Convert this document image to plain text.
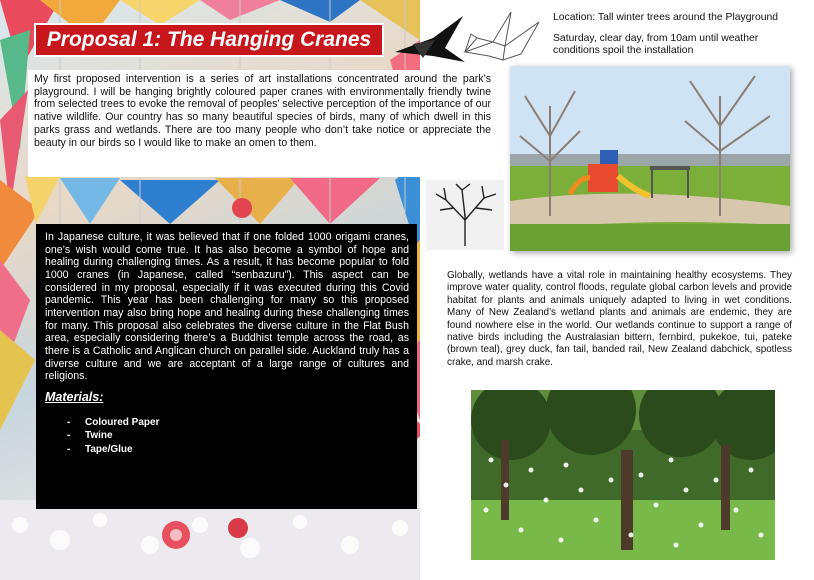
Proposal 1: The Hanging Cranes

Location: Tall winter trees around the Playground

Saturday, clear day, from 10am until weather conditions spoil the installation

My first proposed intervention is a series of art installations concentrated around the park’s playground. I will be hanging brightly coloured paper cranes with environmentally friendly twine from selected trees to evoke the removal of peoples’ selective perception of the importance of our native wildlife. Our country has so many beautiful species of birds, many of which dwell in this parks grass and wetlands. There are too many people who don’t take notice or appreciate the beauty in our birds so I would like to make an omen to them.

In Japanese culture, it was believed that if one folded 1000 origami cranes, one’s wish would come true. It has also become a symbol of hope and healing during challenging times. As a result, it has become popular to fold 1000 cranes (in Japanese, called “senbazuru”). This aspect can be considered in my proposal, especially if it was executed during this Covid pandemic. This year has been challenging for many so this proposed intervention may also bring hope and healing during these challenging times for many. This proposal also celebrates the diverse culture in the Flat Bush area, especially considering there’s a Buddhist temple across the road, as there is a Catholic and Anglican church on parallel side. Auckland truly has a diverse culture and we are acceptant of a large range of cultures and religions.

Materials:
- Coloured Paper
- Twine
- Tape/Glue
Globally, wetlands have a vital role in maintaining healthy ecosystems. They improve water quality, control floods, regulate global carbon levels and provide habitat for plants and animals uniquely adapted to living in wet conditions. Many of New Zealand’s wetland plants and animals are endemic, they are found nowhere else in the world. Our wetlands continue to support a range of native birds including the Australasian bittern, fernbird, pukekoe, tui, pateke (brown teal), grey duck, fan tail, banded rail, New Zealand dabchick, spotless crake, and marsh crake.
